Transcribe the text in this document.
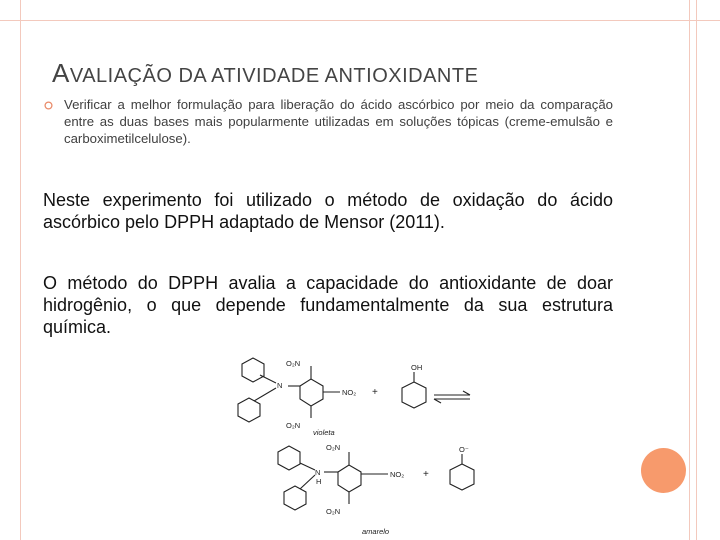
AVALIAÇÃO DA ATIVIDADE ANTIOXIDANTE
Verificar a melhor formulação para liberação do ácido ascórbico por meio da comparação entre as duas bases mais popularmente utilizadas em soluções tópicas (creme-emulsão e carboximetilcelulose).
Neste experimento foi utilizado o método de oxidação do ácido ascórbico pelo DPPH adaptado de Mensor (2011).
O método do DPPH avalia a capacidade do antioxidante de doar hidrogênio, o que depende fundamentalmente da sua estrutura química.
O₂N
N
NO₂
O₂N
violeta
+
OH
O₂N
N
H
NO₂
O₂N
+
O⁻
amarelo
